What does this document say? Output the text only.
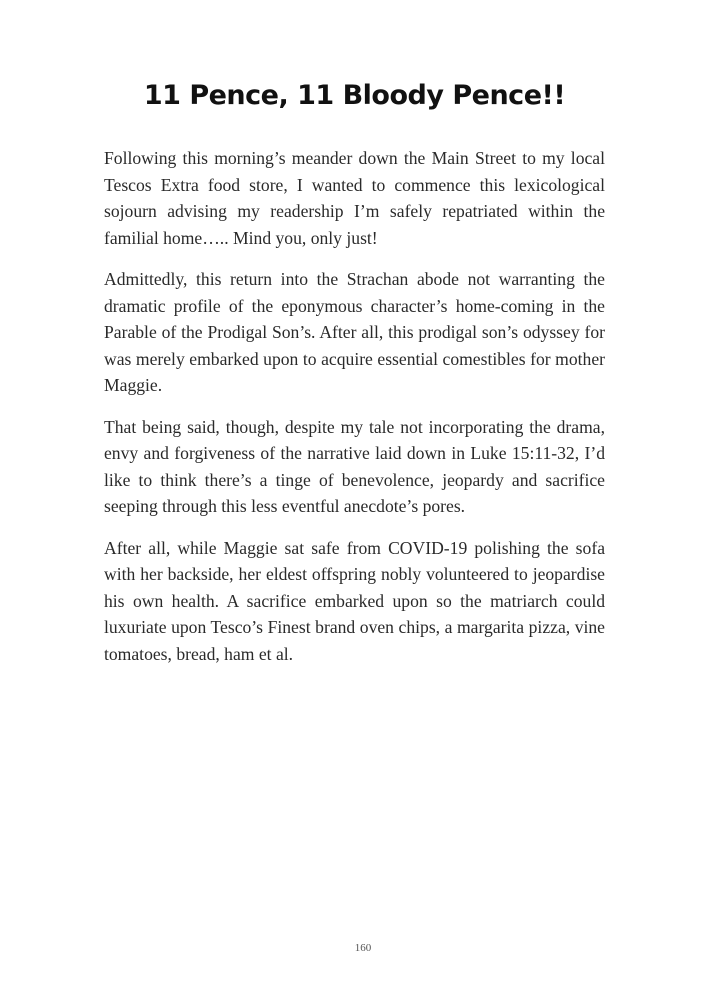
11 Pence, 11 Bloody Pence!!

Following this morning’s meander down the Main Street to my local Tescos Extra food store, I wanted to commence this lexicological sojourn advising my readership I’m safely repatriated within the familial home….. Mind you, only just!

Admittedly, this return into the Strachan abode not warranting the dramatic profile of the eponymous character’s home-coming in the Parable of the Prodigal Son’s. After all, this prodigal son’s odyssey for was merely embarked upon to acquire essential comestibles for mother Maggie.

That being said, though, despite my tale not incorporating the drama, envy and forgiveness of the narrative laid down in Luke 15:11-32, I’d like to think there’s a tinge of benevolence, jeopardy and sacrifice seeping through this less eventful anecdote’s pores.

After all, while Maggie sat safe from COVID-19 polishing the sofa with her backside, her eldest offspring nobly volunteered to jeopardise his own health. A sacrifice embarked upon so the matriarch could luxuriate upon Tesco’s Finest brand oven chips, a margarita pizza, vine tomatoes, bread, ham et al.

160
